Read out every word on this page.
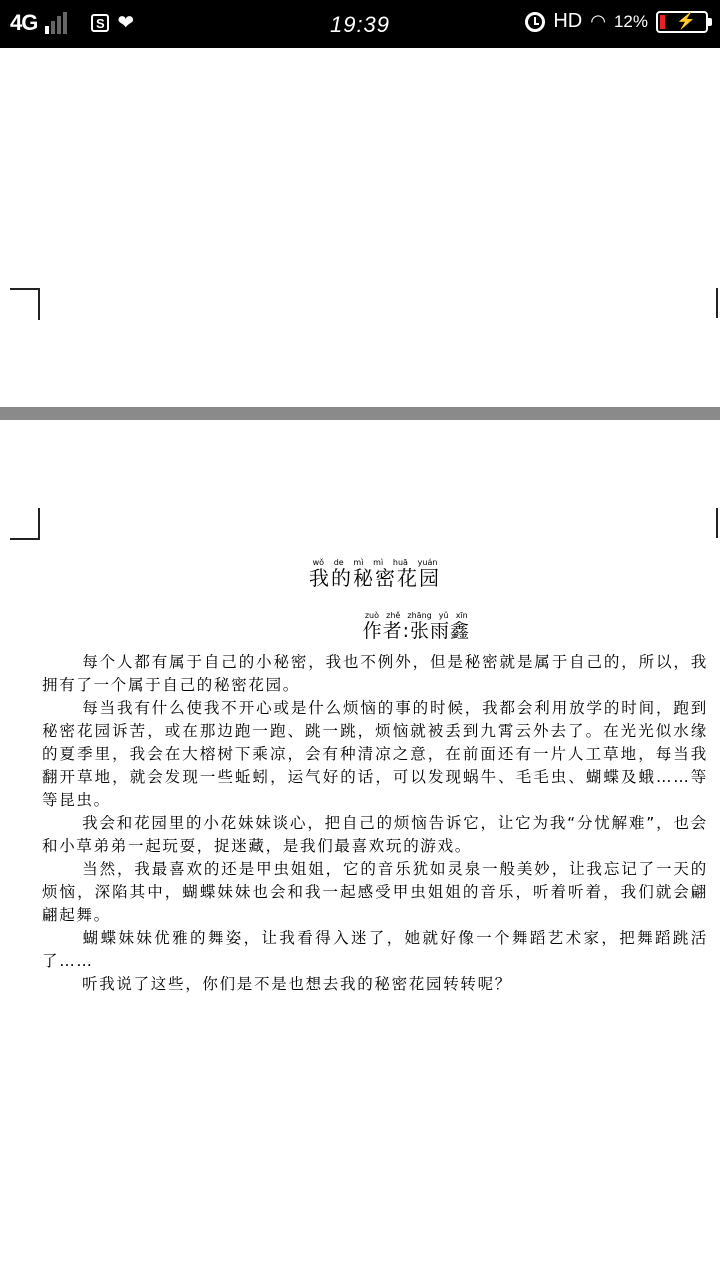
4G	S ❤	19:39	HD ◠ 12% ⚡
我的秘密花园wǒ de mì mì huā yuán
作者:张雨鑫zuò zhě zhāng yǔ xīn

每个人都有属于自己的小秘密，我也不例外，但是秘密就是属于自己的，所以，我拥有了一个属于自己的秘密花园。

每当我有什么使我不开心或是什么烦恼的事的时候，我都会利用放学的时间，跑到秘密花园诉苦，或在那边跑一跑、跳一跳，烦恼就被丢到九霄云外去了。在光光似水缘的夏季里，我会在大榕树下乘凉，会有种清凉之意，在前面还有一片人工草地，每当我翻开草地，就会发现一些蚯蚓，运气好的话，可以发现蜗牛、毛毛虫、蝴蝶及蛾……等等昆虫。

我会和花园里的小花妹妹谈心，把自己的烦恼告诉它，让它为我“分忧解难”，也会和小草弟弟一起玩耍，捉迷藏，是我们最喜欢玩的游戏。

当然，我最喜欢的还是甲虫姐姐，它的音乐犹如灵泉一般美妙，让我忘记了一天的烦恼，深陷其中，蝴蝶妹妹也会和我一起感受甲虫姐姐的音乐，听着听着，我们就会翩翩起舞。

蝴蝶妹妹优雅的舞姿，让我看得入迷了，她就好像一个舞蹈艺术家，把舞蹈跳活了……

听我说了这些，你们是不是也想去我的秘密花园转转呢？
